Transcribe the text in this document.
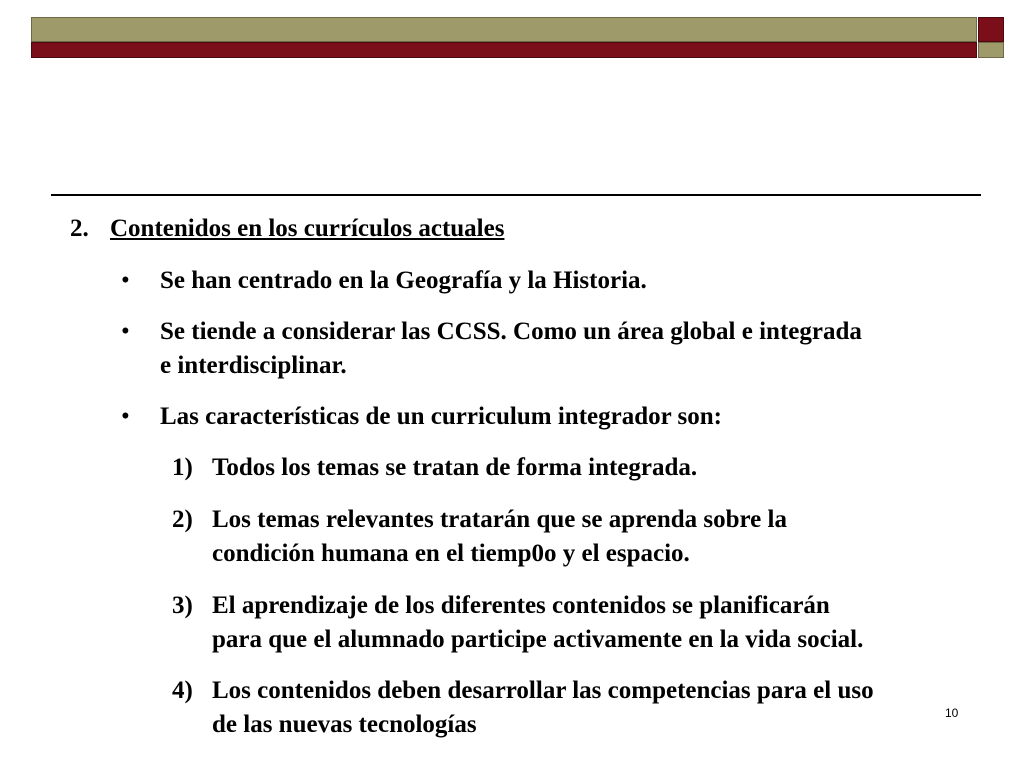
2. Contenidos en los currículos actuales
• Se han centrado en la Geografía y la Historia.
• Se tiende a considerar las CCSS. Como un área global e integrada
e interdisciplinar.
• Las características de un curriculum integrador son:
1) Todos los temas se tratan de forma integrada.
2) Los temas relevantes tratarán que se aprenda sobre la
condición humana en el tiemp0o y el espacio.
3) El aprendizaje de los diferentes contenidos se planificarán
para que el alumnado participe activamente en la vida social.
4) Los contenidos deben desarrollar las competencias para el uso
de las nuevas tecnologías	10
